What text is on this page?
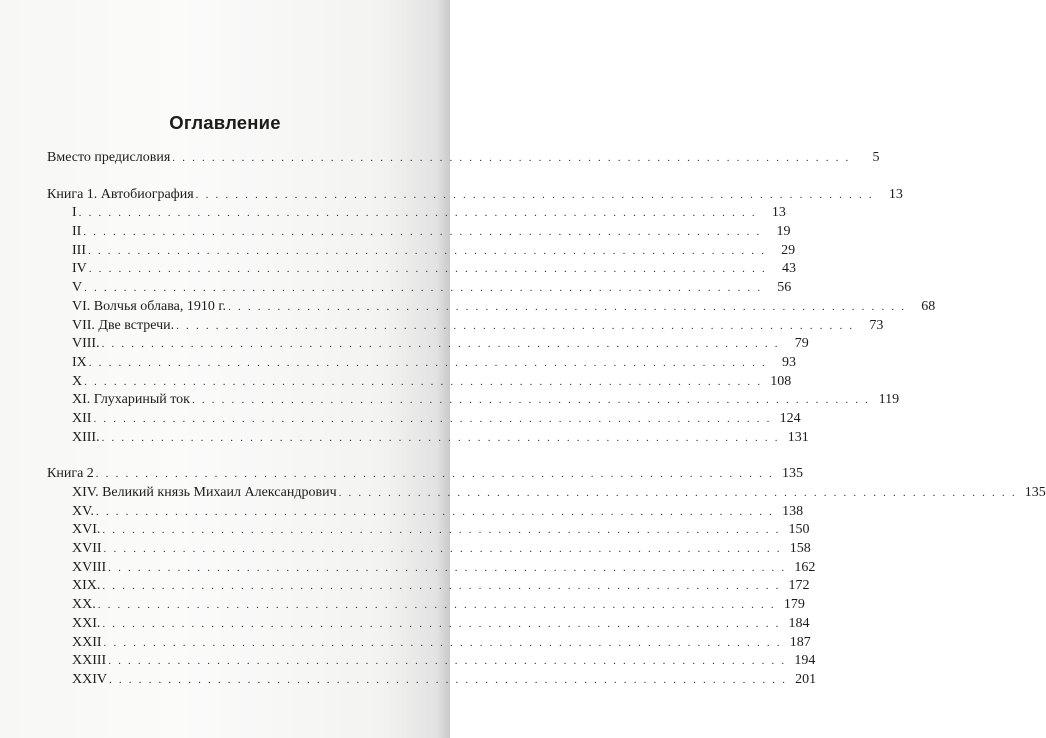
Оглавление
Вместо предисловия . . . . . . . . . . . . . . . . . . . . . . . . . . . . . . . . . . . . . . . . . . . . . . . . . . . . . . . . . . . . . . . . . . . . .	5
Книга 1. Автобиография . . . . . . . . . . . . . . . . . . . . . . . . . . . . . . . . . . . . . . . . . . . . . . . . . . . . . . . . . . . . . . . . . . . . .	13
I . . . . . . . . . . . . . . . . . . . . . . . . . . . . . . . . . . . . . . . . . . . . . . . . . . . . . . . . . . . . . . . . . . . . .	13
II . . . . . . . . . . . . . . . . . . . . . . . . . . . . . . . . . . . . . . . . . . . . . . . . . . . . . . . . . . . . . . . . . . . . .	19
III . . . . . . . . . . . . . . . . . . . . . . . . . . . . . . . . . . . . . . . . . . . . . . . . . . . . . . . . . . . . . . . . . . . . .	29
IV . . . . . . . . . . . . . . . . . . . . . . . . . . . . . . . . . . . . . . . . . . . . . . . . . . . . . . . . . . . . . . . . . . . . .	43
V . . . . . . . . . . . . . . . . . . . . . . . . . . . . . . . . . . . . . . . . . . . . . . . . . . . . . . . . . . . . . . . . . . . . .	56
VI. Волчья облава, 1910 г. . . . . . . . . . . . . . . . . . . . . . . . . . . . . . . . . . . . . . . . . . . . . . . . . . . . . . . . . . . . . . . . . . . . . .	68
VII. Две встречи. . . . . . . . . . . . . . . . . . . . . . . . . . . . . . . . . . . . . . . . . . . . . . . . . . . . . . . . . . . . . . . . . . . . . .	73
VIII. . . . . . . . . . . . . . . . . . . . . . . . . . . . . . . . . . . . . . . . . . . . . . . . . . . . . . . . . . . . . . . . . . . . . .	79
IX . . . . . . . . . . . . . . . . . . . . . . . . . . . . . . . . . . . . . . . . . . . . . . . . . . . . . . . . . . . . . . . . . . . . .	93
X . . . . . . . . . . . . . . . . . . . . . . . . . . . . . . . . . . . . . . . . . . . . . . . . . . . . . . . . . . . . . . . . . . . . . 108
XI. Глухариный ток . . . . . . . . . . . . . . . . . . . . . . . . . . . . . . . . . . . . . . . . . . . . . . . . . . . . . . . . . . . . . . . . . . . . . 119
XII . . . . . . . . . . . . . . . . . . . . . . . . . . . . . . . . . . . . . . . . . . . . . . . . . . . . . . . . . . . . . . . . . . . . . 124
XIII. . . . . . . . . . . . . . . . . . . . . . . . . . . . . . . . . . . . . . . . . . . . . . . . . . . . . . . . . . . . . . . . . . . . . . 131
Книга 2 . . . . . . . . . . . . . . . . . . . . . . . . . . . . . . . . . . . . . . . . . . . . . . . . . . . . . . . . . . . . . . . . . . . . . 135
XIV. Великий князь Михаил Александрович . . . . . . . . . . . . . . . . . . . . . . . . . . . . . . . . . . . . . . . . . . . . . . . . . . . . . . . . . . . . . . . . . . . . . 135
XV. . . . . . . . . . . . . . . . . . . . . . . . . . . . . . . . . . . . . . . . . . . . . . . . . . . . . . . . . . . . . . . . . . . . . . 138
XVI. . . . . . . . . . . . . . . . . . . . . . . . . . . . . . . . . . . . . . . . . . . . . . . . . . . . . . . . . . . . . . . . . . . . . . 150
XVII . . . . . . . . . . . . . . . . . . . . . . . . . . . . . . . . . . . . . . . . . . . . . . . . . . . . . . . . . . . . . . . . . . . . . 158
XVIII . . . . . . . . . . . . . . . . . . . . . . . . . . . . . . . . . . . . . . . . . . . . . . . . . . . . . . . . . . . . . . . . . . . . . 162
XIX. . . . . . . . . . . . . . . . . . . . . . . . . . . . . . . . . . . . . . . . . . . . . . . . . . . . . . . . . . . . . . . . . . . . . . 172
XX. . . . . . . . . . . . . . . . . . . . . . . . . . . . . . . . . . . . . . . . . . . . . . . . . . . . . . . . . . . . . . . . . . . . . . 179
XXI. . . . . . . . . . . . . . . . . . . . . . . . . . . . . . . . . . . . . . . . . . . . . . . . . . . . . . . . . . . . . . . . . . . . . . 184
XXII . . . . . . . . . . . . . . . . . . . . . . . . . . . . . . . . . . . . . . . . . . . . . . . . . . . . . . . . . . . . . . . . . . . . . 187
XXIII . . . . . . . . . . . . . . . . . . . . . . . . . . . . . . . . . . . . . . . . . . . . . . . . . . . . . . . . . . . . . . . . . . . . . 194
XXIV . . . . . . . . . . . . . . . . . . . . . . . . . . . . . . . . . . . . . . . . . . . . . . . . . . . . . . . . . . . . . . . . . . . . . 201
